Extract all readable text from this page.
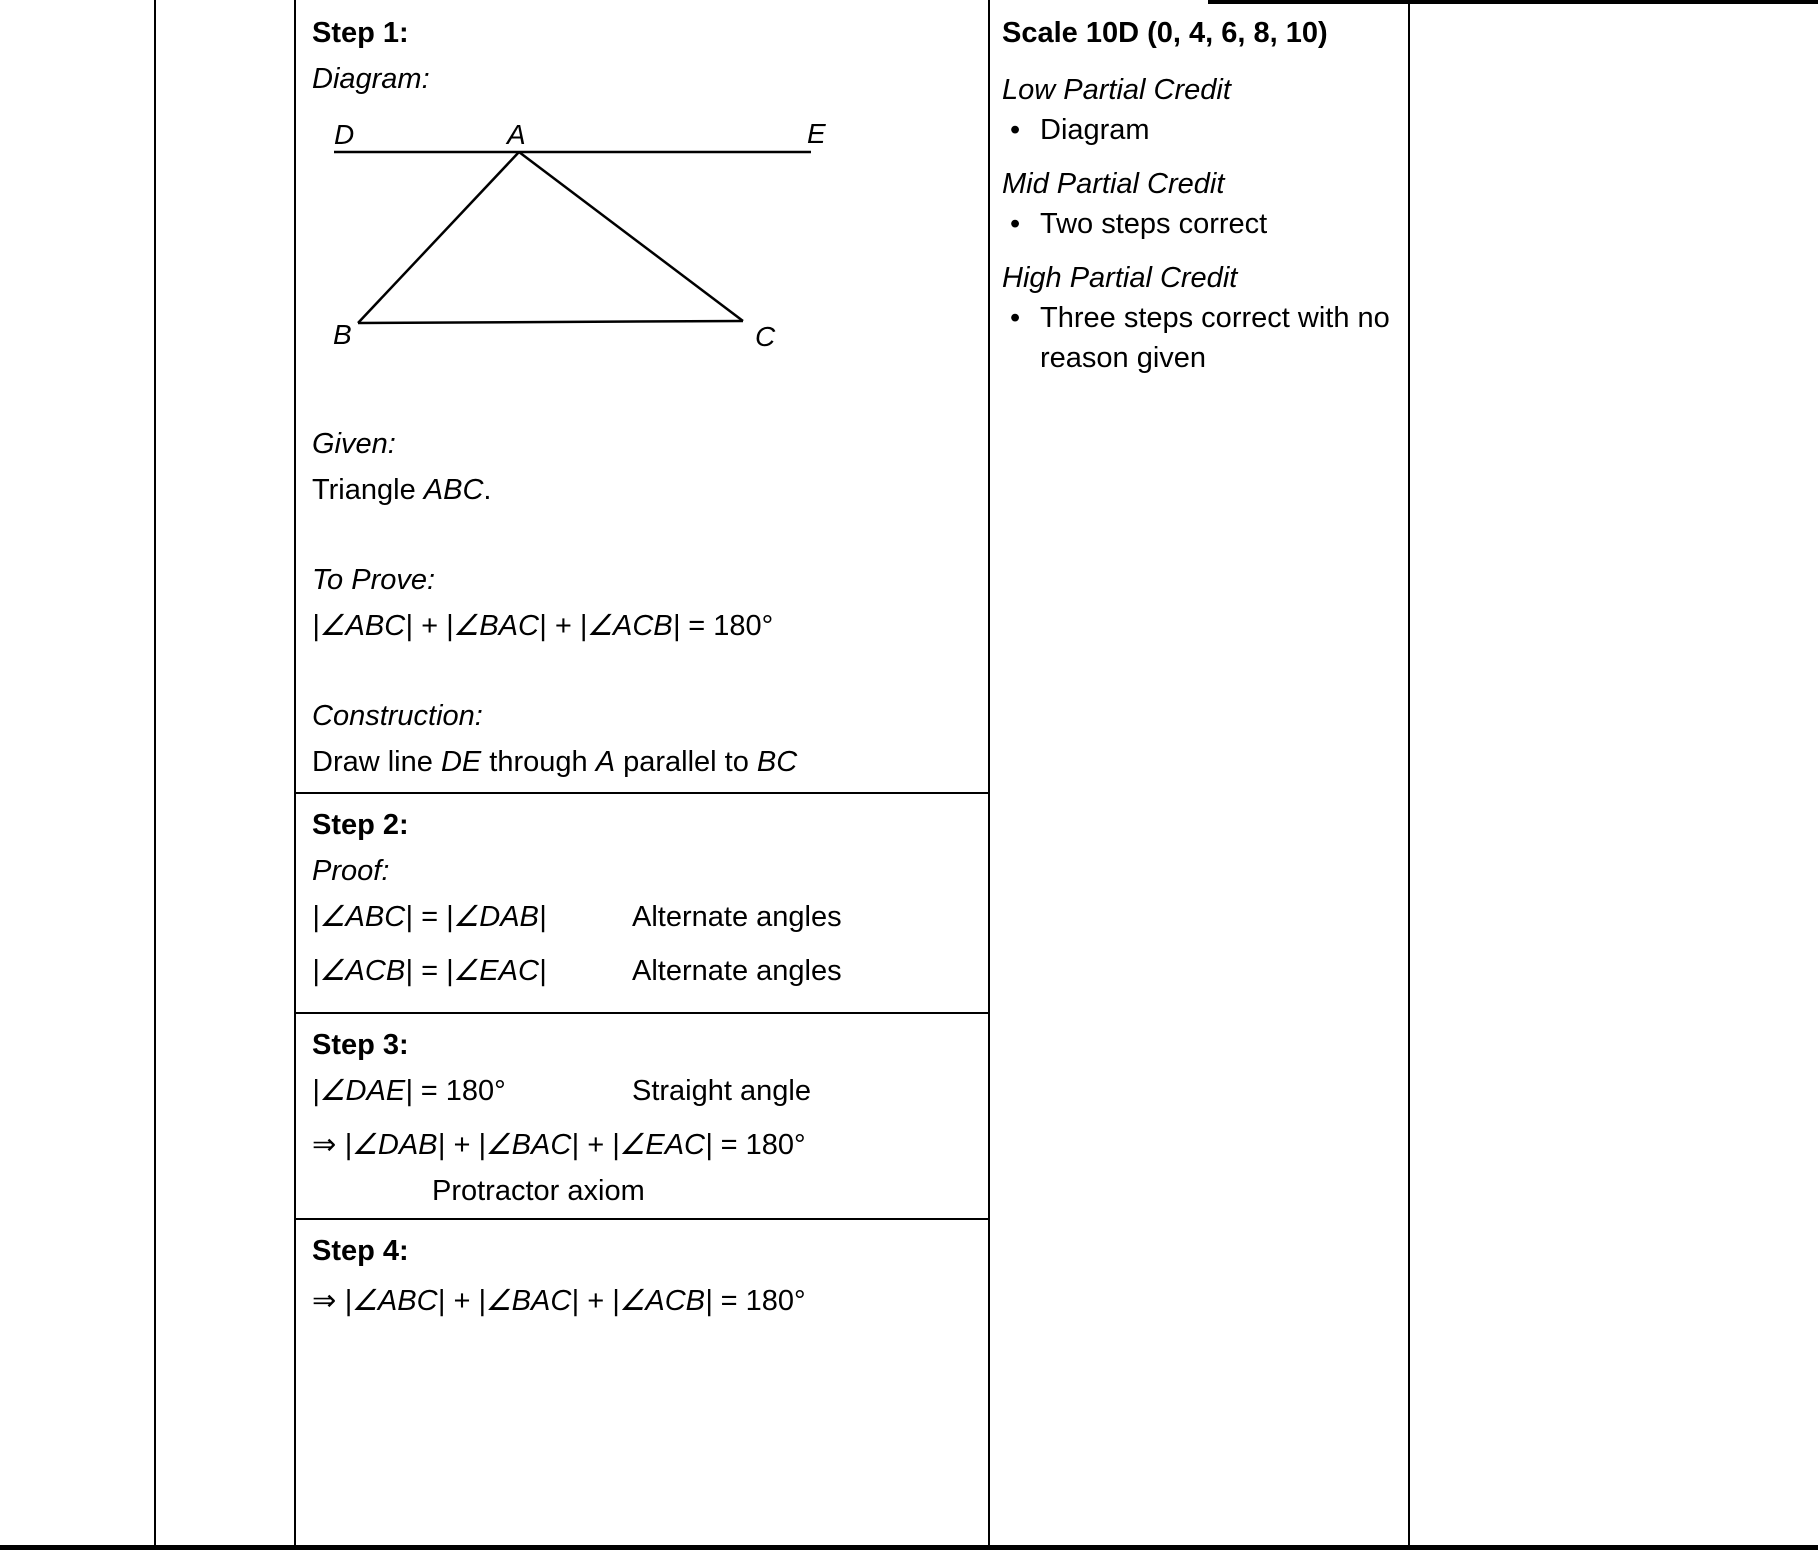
Step 1:

Diagram:

D	A	E
B	C

Given:

Triangle ABC.

To Prove:

|∠ABC| + |∠BAC| + |∠ACB| = 180°

Construction:

Draw line DE through A parallel to BC

Step 2:

Proof:

|∠ABC| = |∠DAB|	Alternate angles

|∠ACB| = |∠EAC|	Alternate angles

Step 3:

|∠DAE| = 180°	Straight angle

⇒ |∠DAB| + |∠BAC| + |∠EAC| = 180°

Protractor axiom

Step 4:

⇒ |∠ABC| + |∠BAC| + |∠ACB| = 180°

Scale 10D (0, 4, 6, 8, 10)

Low Partial Credit

• Diagram

Mid Partial Credit

• Two steps correct

High Partial Credit

• Three steps correct with no reason given
